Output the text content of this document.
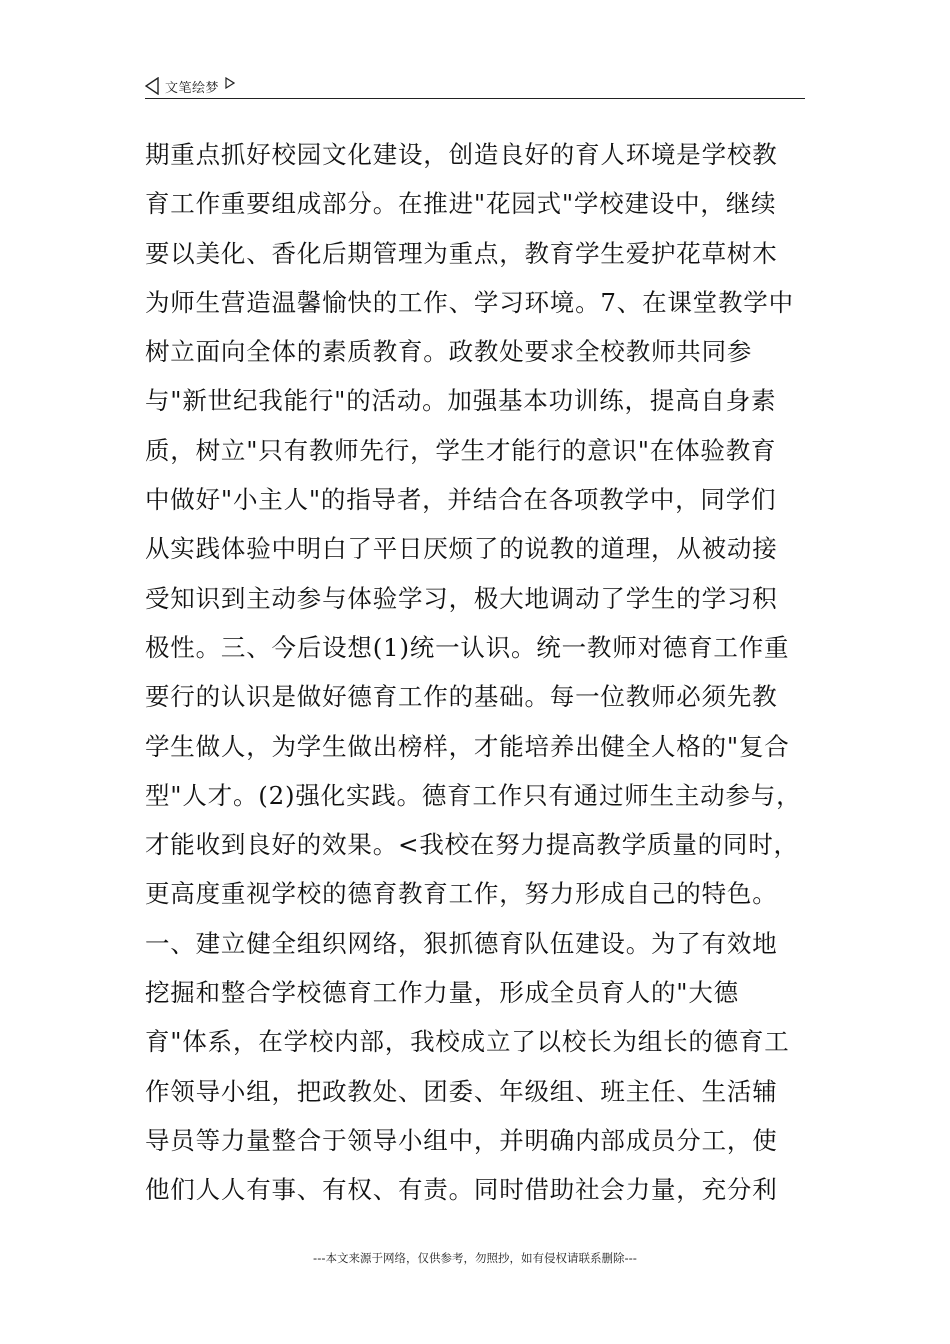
文笔绘梦
期重点抓好校园文化建设，创造良好的育人环境是学校教
育工作重要组成部分。在推进"花园式"学校建设中，继续
要以美化、香化后期管理为重点，教育学生爱护花草树木
为师生营造温馨愉快的工作、学习环境。7、在课堂教学中
树立面向全体的素质教育。政教处要求全校教师共同参
与"新世纪我能行"的活动。加强基本功训练，提高自身素
质，树立"只有教师先行，学生才能行的意识"在体验教育
中做好"小主人"的指导者，并结合在各项教学中，同学们
从实践体验中明白了平日厌烦了的说教的道理，从被动接
受知识到主动参与体验学习，极大地调动了学生的学习积
极性。三、今后设想(1)统一认识。统一教师对德育工作重
要行的认识是做好德育工作的基础。每一位教师必须先教
学生做人，为学生做出榜样，才能培养出健全人格的"复合
型"人才。(2)强化实践。德育工作只有通过师生主动参与，
才能收到良好的效果。<我校在努力提高教学质量的同时，
更高度重视学校的德育教育工作，努力形成自己的特色。
一、建立健全组织网络，狠抓德育队伍建设。为了有效地
挖掘和整合学校德育工作力量，形成全员育人的"大德
育"体系，在学校内部，我校成立了以校长为组长的德育工
作领导小组，把政教处、团委、年级组、班主任、生活辅
导员等力量整合于领导小组中，并明确内部成员分工，使
他们人人有事、有权、有责。同时借助社会力量，充分利
---本文来源于网络，仅供参考，勿照抄，如有侵权请联系删除---
